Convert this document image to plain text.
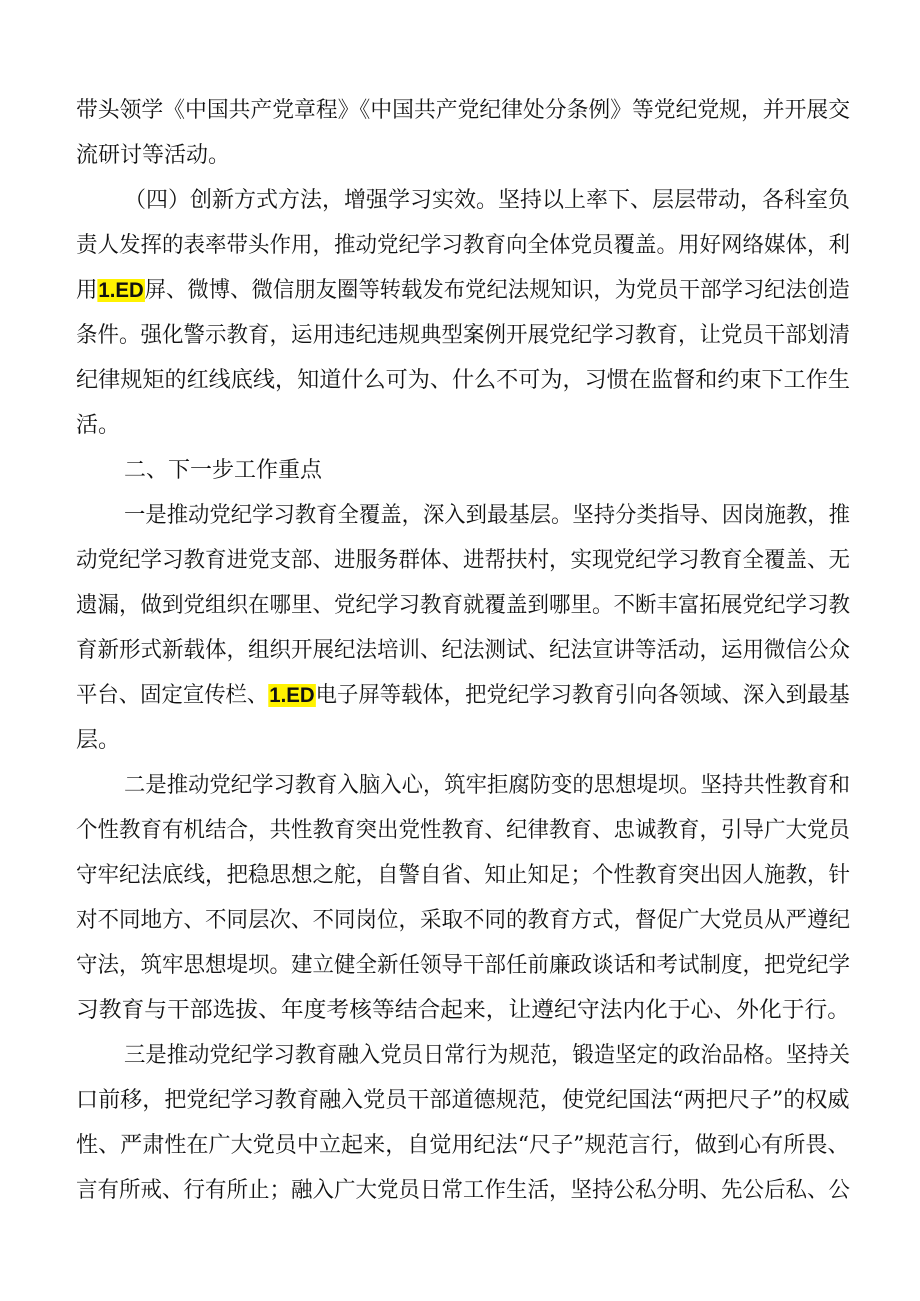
带头领学《中国共产党章程》《中国共产党纪律处分条例》等党纪党规，并开展交
流研讨等活动。
（四）创新方式方法，增强学习实效。坚持以上率下、层层带动，各科室负
责人发挥的表率带头作用，推动党纪学习教育向全体党员覆盖。用好网络媒体，利
用1.ED屏、微博、微信朋友圈等转载发布党纪法规知识，为党员干部学习纪法创造
条件。强化警示教育，运用违纪违规典型案例开展党纪学习教育，让党员干部划清
纪律规矩的红线底线，知道什么可为、什么不可为，习惯在监督和约束下工作生
活。
二、下一步工作重点
一是推动党纪学习教育全覆盖，深入到最基层。坚持分类指导、因岗施教，推
动党纪学习教育进党支部、进服务群体、进帮扶村，实现党纪学习教育全覆盖、无
遗漏，做到党组织在哪里、党纪学习教育就覆盖到哪里。不断丰富拓展党纪学习教
育新形式新载体，组织开展纪法培训、纪法测试、纪法宣讲等活动，运用微信公众
平台、固定宣传栏、1.ED电子屏等载体，把党纪学习教育引向各领域、深入到最基
层。
二是推动党纪学习教育入脑入心，筑牢拒腐防变的思想堤坝。坚持共性教育和
个性教育有机结合，共性教育突出党性教育、纪律教育、忠诚教育，引导广大党员
守牢纪法底线，把稳思想之舵，自警自省、知止知足；个性教育突出因人施教，针
对不同地方、不同层次、不同岗位，采取不同的教育方式，督促广大党员从严遵纪
守法，筑牢思想堤坝。建立健全新任领导干部任前廉政谈话和考试制度，把党纪学
习教育与干部选拔、年度考核等结合起来，让遵纪守法内化于心、外化于行。
三是推动党纪学习教育融入党员日常行为规范，锻造坚定的政治品格。坚持关
口前移，把党纪学习教育融入党员干部道德规范，使党纪国法“两把尺子”的权威
性、严肃性在广大党员中立起来，自觉用纪法“尺子”规范言行，做到心有所畏、
言有所戒、行有所止；融入广大党员日常工作生活，坚持公私分明、先公后私、公
